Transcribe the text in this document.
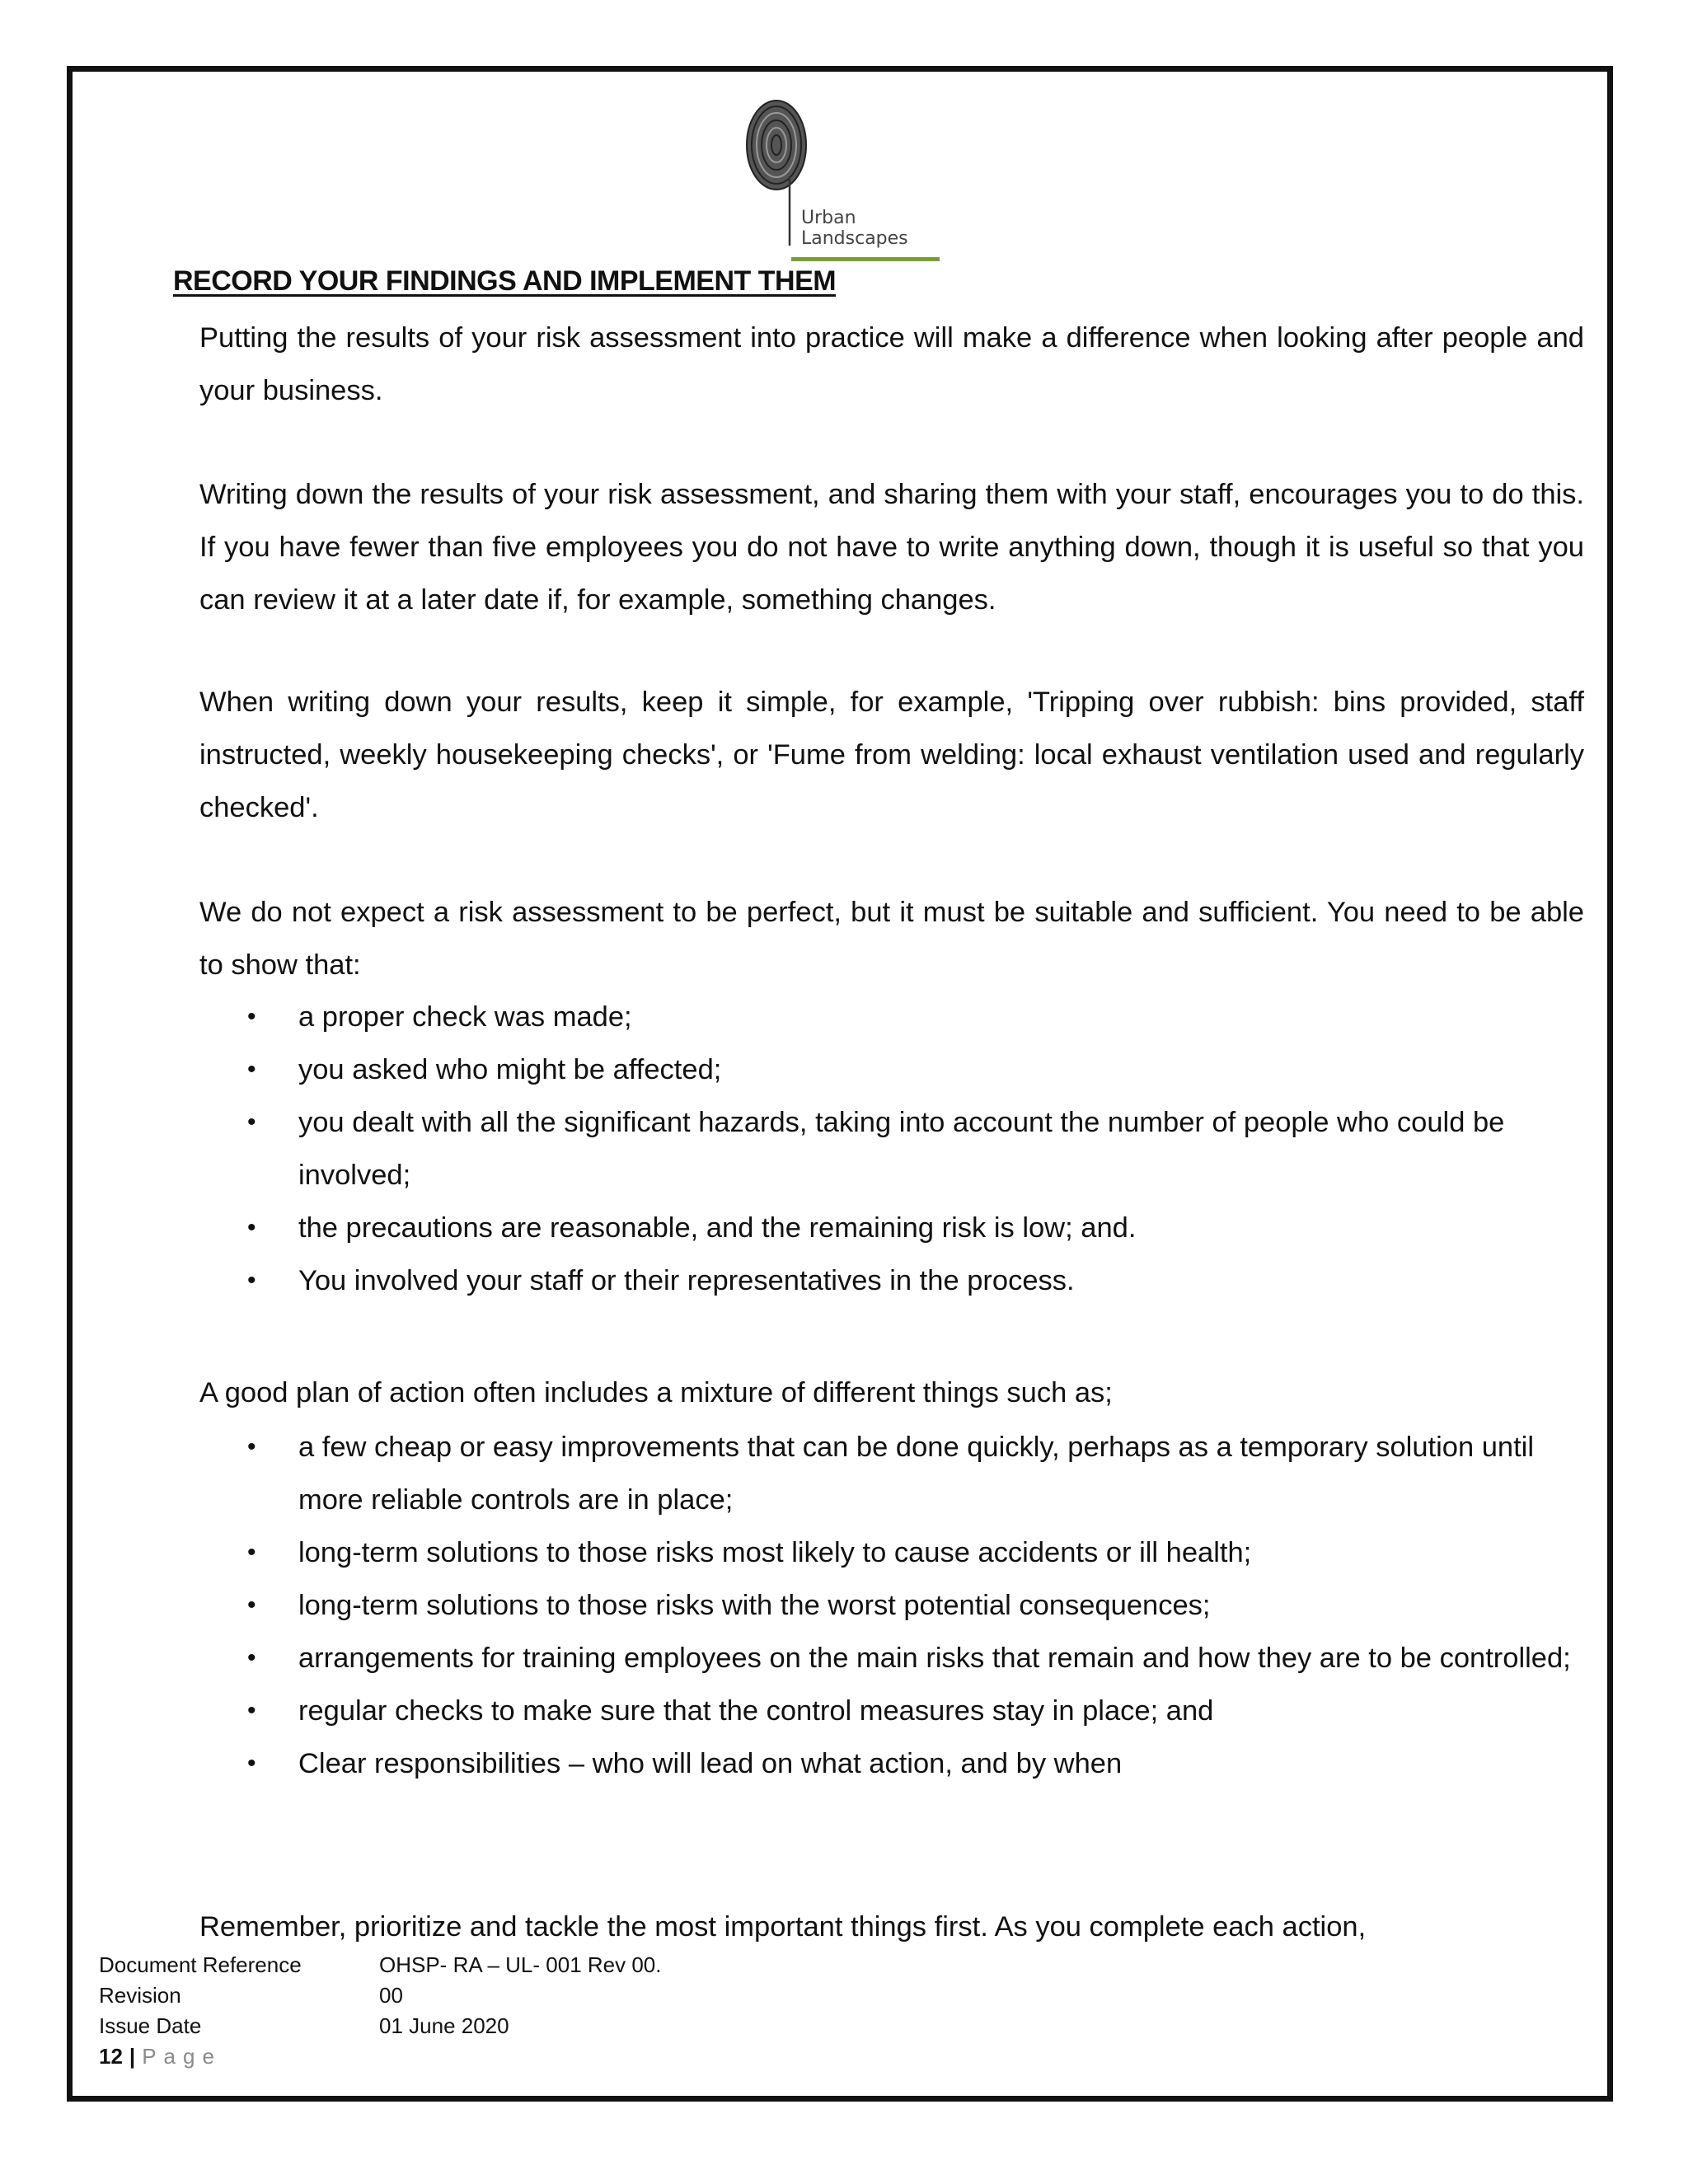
Urban
Landscapes
RECORD YOUR FINDINGS AND IMPLEMENT THEM

Putting the results of your risk assessment into practice will make a difference when looking after people and your business.

Writing down the results of your risk assessment, and sharing them with your staff, encourages you to do this. If you have fewer than five employees you do not have to write anything down, though it is useful so that you can review it at a later date if, for example, something changes.

When writing down your results, keep it simple, for example, 'Tripping over rubbish: bins provided, staff instructed, weekly housekeeping checks', or 'Fume from welding: local exhaust ventilation used and regularly checked'.

We do not expect a risk assessment to be perfect, but it must be suitable and sufficient. You need to be able to show that:

• a proper check was made;
• you asked who might be affected;
• you dealt with all the significant hazards, taking into account the number of people who could be involved;
• the precautions are reasonable, and the remaining risk is low; and.
• You involved your staff or their representatives in the process.

A good plan of action often includes a mixture of different things such as;

• a few cheap or easy improvements that can be done quickly, perhaps as a temporary solution until more reliable controls are in place;
• long-term solutions to those risks most likely to cause accidents or ill health;
• long-term solutions to those risks with the worst potential consequences;
• arrangements for training employees on the main risks that remain and how they are to be controlled;
• regular checks to make sure that the control measures stay in place; and
• Clear responsibilities – who will lead on what action, and by when

Remember, prioritize and tackle the most important things first. As you complete each action,

Document Reference	OHSP- RA – UL- 001 Rev 00.
Revision	00
Issue Date	01 June 2020
12 | Page
